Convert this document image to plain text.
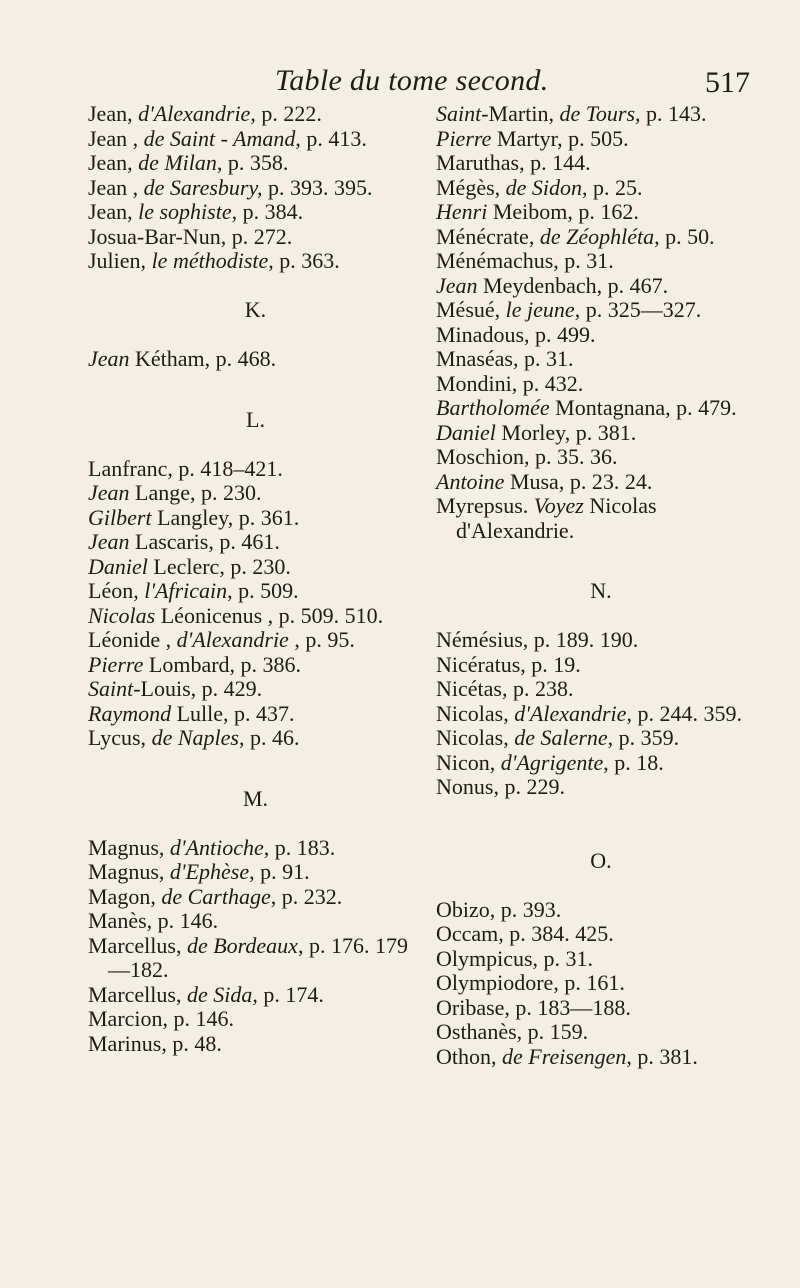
Table du tome second.	517

Jean, d'Alexandrie, p. 222.

Jean , de Saint - Amand, p. 413.

Jean, de Milan, p. 358.

Jean , de Saresbury, p. 393. 395.

Jean, le sophiste, p. 384.

Josua-Bar-Nun, p. 272.

Julien, le méthodiste, p. 363.

K.

Jean Kétham, p. 468.

L.

Lanfranc, p. 418–421.

Jean Lange, p. 230.

Gilbert Langley, p. 361.

Jean Lascaris, p. 461.

Daniel Leclerc, p. 230.

Léon, l'Africain, p. 509.

Nicolas Léonicenus , p. 509. 510.

Léonide , d'Alexandrie , p. 95.

Pierre Lombard, p. 386.

Saint-Louis, p. 429.

Raymond Lulle, p. 437.

Lycus, de Naples, p. 46.

M.

Magnus, d'Antioche, p. 183.

Magnus, d'Ephèse, p. 91.

Magon, de Carthage, p. 232.

Manès, p. 146.

Marcellus, de Bordeaux, p. 176. 179—182.

Marcellus, de Sida, p. 174.

Marcion, p. 146.

Marinus, p. 48.

Saint-Martin, de Tours, p. 143.

Pierre Martyr, p. 505.

Maruthas, p. 144.

Mégès, de Sidon, p. 25.

Henri Meibom, p. 162.

Ménécrate, de Zéophléta, p. 50.

Ménémachus, p. 31.

Jean Meydenbach, p. 467.

Mésué, le jeune, p. 325—327.

Minadous, p. 499.

Mnaséas, p. 31.

Mondini, p. 432.

Bartholomée Montagnana, p. 479.

Daniel Morley, p. 381.

Moschion, p. 35. 36.

Antoine Musa, p. 23. 24.

Myrepsus. Voyez Nicolas d'Alexandrie.

N.

Némésius, p. 189. 190.

Nicératus, p. 19.

Nicétas, p. 238.

Nicolas, d'Alexandrie, p. 244. 359.

Nicolas, de Salerne, p. 359.

Nicon, d'Agrigente, p. 18.

Nonus, p. 229.

O.

Obizo, p. 393.

Occam, p. 384. 425.

Olympicus, p. 31.

Olympiodore, p. 161.

Oribase, p. 183—188.

Osthanès, p. 159.

Othon, de Freisengen, p. 381.
